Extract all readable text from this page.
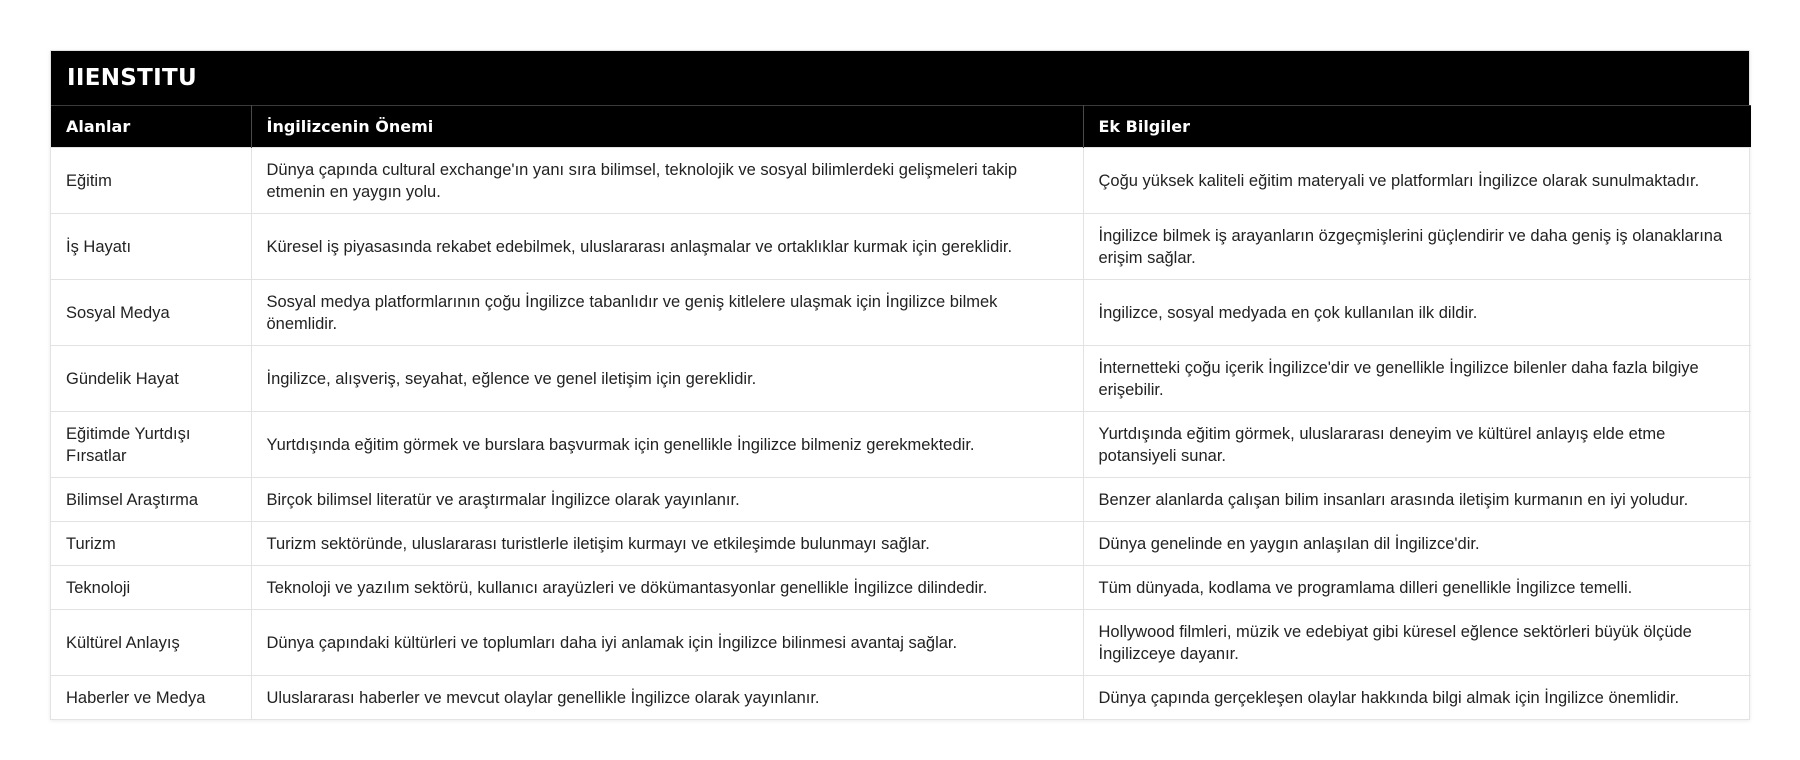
IIENSTITU
Alanlar	İngilizcenin Önemi	Ek Bilgiler
Eğitim	Dünya çapında cultural exchange'ın yanı sıra bilimsel, teknolojik ve sosyal bilimlerdeki gelişmeleri takip etmenin en yaygın yolu.	Çoğu yüksek kaliteli eğitim materyali ve platformları İngilizce olarak sunulmaktadır.
İş Hayatı	Küresel iş piyasasında rekabet edebilmek, uluslararası anlaşmalar ve ortaklıklar kurmak için gereklidir.	İngilizce bilmek iş arayanların özgeçmişlerini güçlendirir ve daha geniş iş olanaklarına erişim sağlar.
Sosyal Medya	Sosyal medya platformlarının çoğu İngilizce tabanlıdır ve geniş kitlelere ulaşmak için İngilizce bilmek önemlidir.	İngilizce, sosyal medyada en çok kullanılan ilk dildir.
Gündelik Hayat	İngilizce, alışveriş, seyahat, eğlence ve genel iletişim için gereklidir.	İnternetteki çoğu içerik İngilizce'dir ve genellikle İngilizce bilenler daha fazla bilgiye erişebilir.
Eğitimde Yurtdışı Fırsatlar	Yurtdışında eğitim görmek ve burslara başvurmak için genellikle İngilizce bilmeniz gerekmektedir.	Yurtdışında eğitim görmek, uluslararası deneyim ve kültürel anlayış elde etme potansiyeli sunar.
Bilimsel Araştırma	Birçok bilimsel literatür ve araştırmalar İngilizce olarak yayınlanır.	Benzer alanlarda çalışan bilim insanları arasında iletişim kurmanın en iyi yoludur.
Turizm	Turizm sektöründe, uluslararası turistlerle iletişim kurmayı ve etkileşimde bulunmayı sağlar.	Dünya genelinde en yaygın anlaşılan dil İngilizce'dir.
Teknoloji	Teknoloji ve yazılım sektörü, kullanıcı arayüzleri ve dökümantasyonlar genellikle İngilizce dilindedir.	Tüm dünyada, kodlama ve programlama dilleri genellikle İngilizce temelli.
Kültürel Anlayış	Dünya çapındaki kültürleri ve toplumları daha iyi anlamak için İngilizce bilinmesi avantaj sağlar.	Hollywood filmleri, müzik ve edebiyat gibi küresel eğlence sektörleri büyük ölçüde İngilizceye dayanır.
Haberler ve Medya	Uluslararası haberler ve mevcut olaylar genellikle İngilizce olarak yayınlanır.	Dünya çapında gerçekleşen olaylar hakkında bilgi almak için İngilizce önemlidir.
